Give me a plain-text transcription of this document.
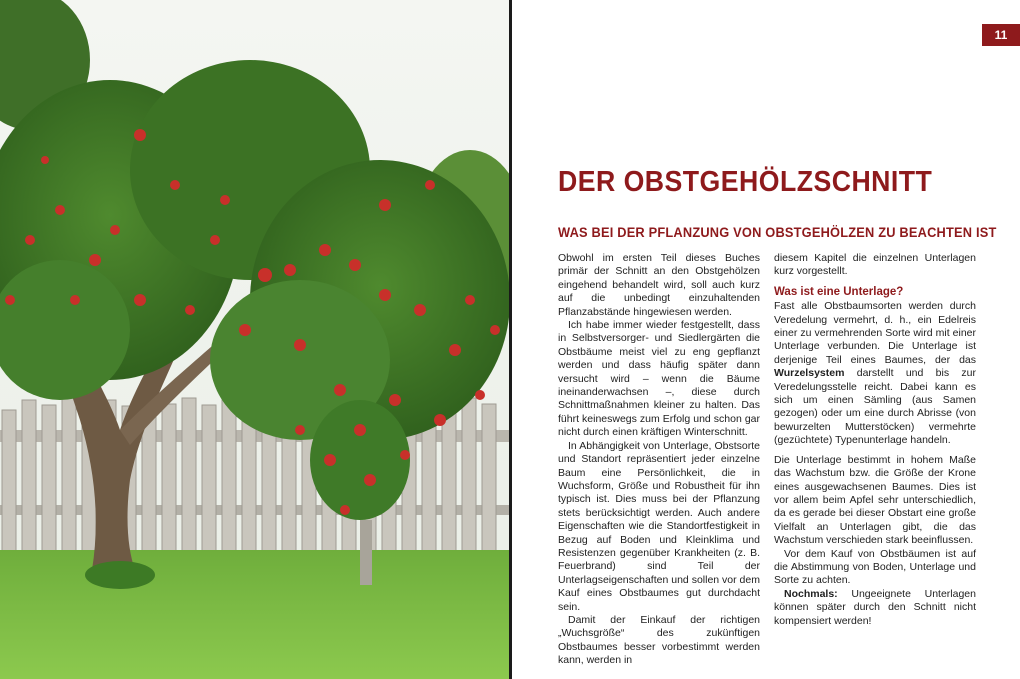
11
DER OBSTGEHÖLZSCHNITT
WAS BEI DER PFLANZUNG VON OBSTGEHÖLZEN ZU BEACHTEN IST

Obwohl im ersten Teil dieses Buches primär der Schnitt an den Obstgehölzen eingehend behandelt wird, soll auch kurz auf die unbedingt einzuhaltenden Pflanzabstände hingewiesen werden.

Ich habe immer wieder festgestellt, dass in Selbstversorger- und Siedlergärten die Obstbäume meist viel zu eng gepflanzt werden und dass häufig später dann versucht wird – wenn die Bäume ineinanderwachsen –, diese durch Schnittmaßnahmen kleiner zu halten. Das führt keineswegs zum Erfolg und schon gar nicht durch einen kräftigen Winterschnitt.

In Abhängigkeit von Unterlage, Obstsorte und Standort repräsentiert jeder einzelne Baum eine Persönlichkeit, die in Wuchsform, Größe und Robustheit für ihn typisch ist. Dies muss bei der Pflanzung stets berücksichtigt werden. Auch andere Eigenschaften wie die Standortfestigkeit in Bezug auf Boden und Kleinklima und Resistenzen gegenüber Krankheiten (z. B. Feuerbrand) sind Teil der Unterlagseigenschaften und sollen vor dem Kauf eines Obstbaumes gut durchdacht sein.

Damit der Einkauf der richtigen „Wuchsgröße“ des zukünftigen Obstbaumes besser vorbestimmt werden kann, werden in

diesem Kapitel die einzelnen Unterlagen kurz vorgestellt.

Was ist eine Unterlage?

Fast alle Obstbaumsorten werden durch Veredelung vermehrt, d. h., ein Edelreis einer zu vermehrenden Sorte wird mit einer Unterlage verbunden. Die Unterlage ist derjenige Teil eines Baumes, der das Wurzelsystem darstellt und bis zur Veredelungsstelle reicht. Dabei kann es sich um einen Sämling (aus Samen gezogen) oder um eine durch Abrisse (von bewurzelten Mutterstöcken) vermehrte (gezüchtete) Typenunterlage handeln.

Die Unterlage bestimmt in hohem Maße das Wachstum bzw. die Größe der Krone eines ausgewachsenen Baumes. Dies ist vor allem beim Apfel sehr unterschiedlich, da es gerade bei dieser Obstart eine große Vielfalt an Unterlagen gibt, die das Wachstum verschieden stark beeinflussen.

Vor dem Kauf von Obstbäumen ist auf die Abstimmung von Boden, Unterlage und Sorte zu achten.

Nochmals: Ungeeignete Unterlagen können später durch den Schnitt nicht kompensiert werden!
